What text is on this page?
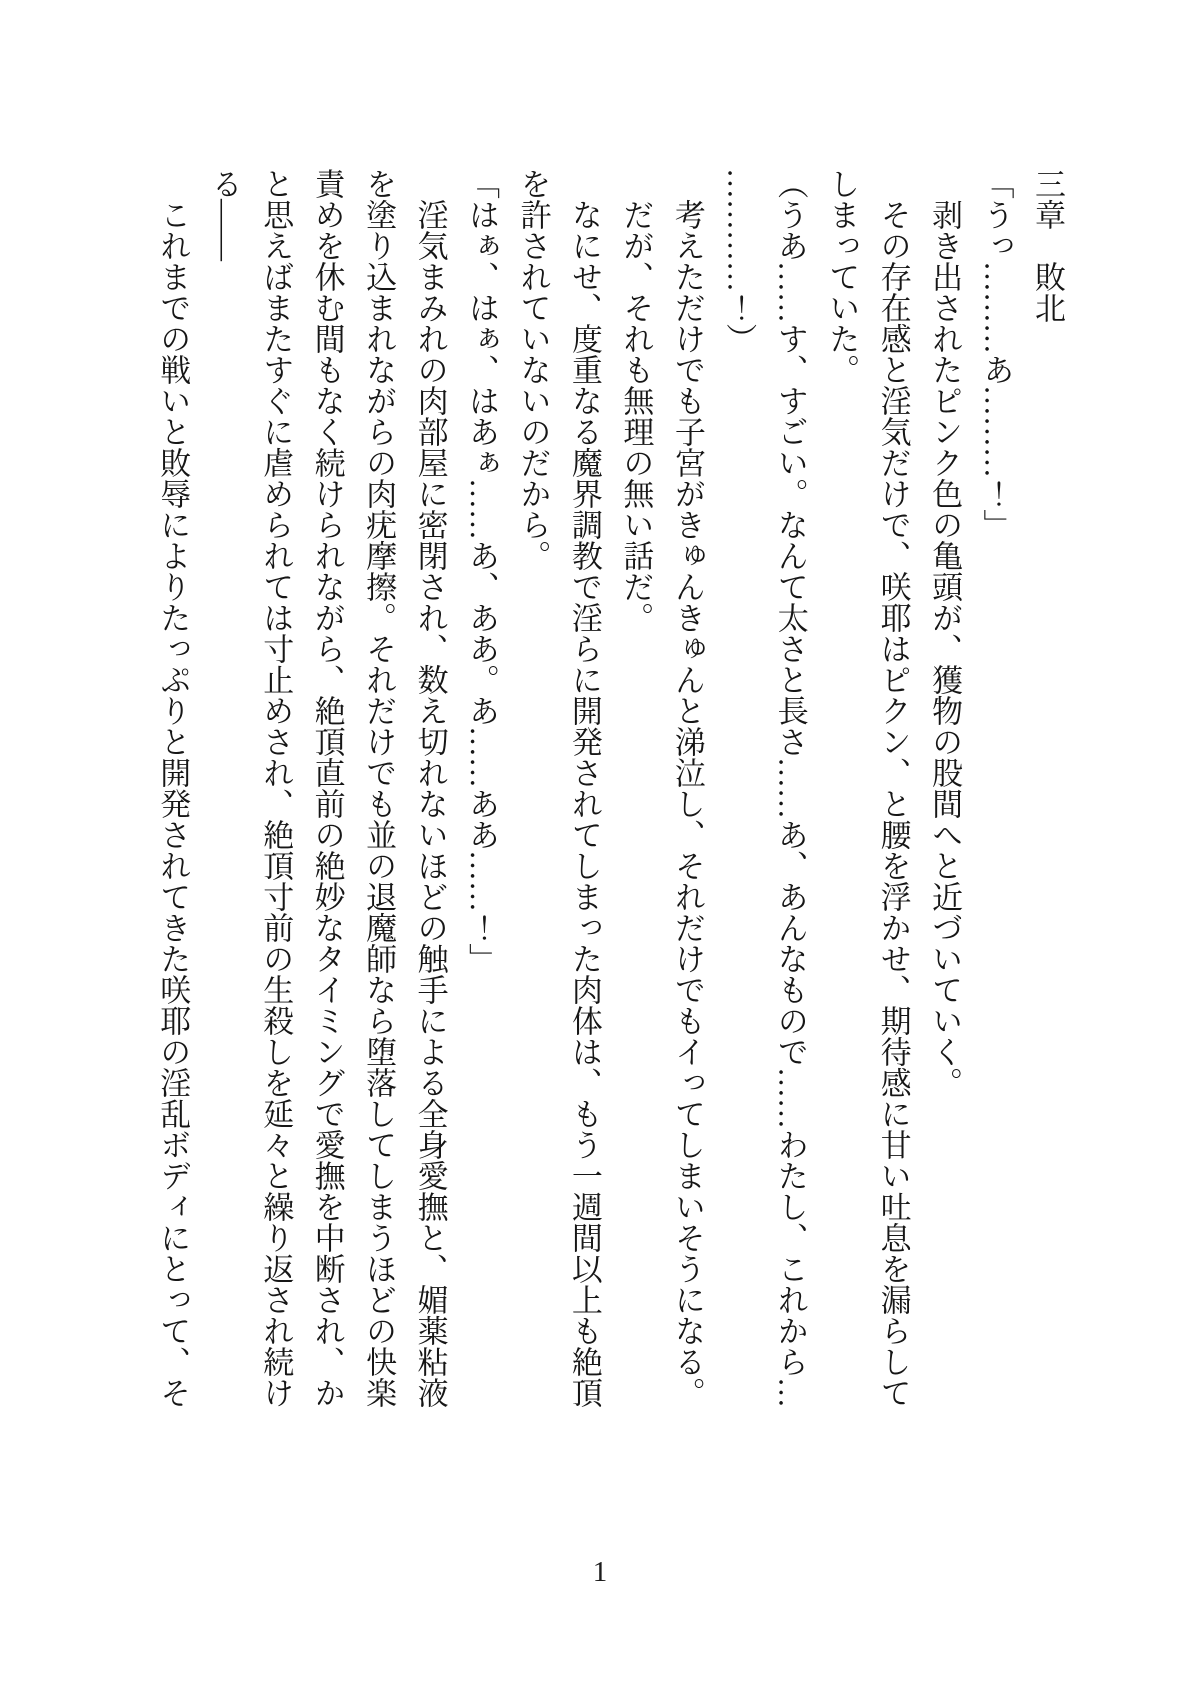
三章　敗北

「うっ………あ………！」

剥き出されたピンク色の亀頭が、獲物の股間へと近づいていく。

その存在感と淫気だけで、咲耶はピクン、と腰を浮かせ、期待感に甘い吐息を漏らしてしまっていた。

（うあ……す、すごい。なんて太さと長さ……あ、あんなもので……わたし、これから……………！）

考えただけでも子宮がきゅんきゅんと涕泣し、それだけでもイってしまいそうになる。

だが、それも無理の無い話だ。

なにせ、度重なる魔界調教で淫らに開発されてしまった肉体は、もう一週間以上も絶頂を許されていないのだから。

「はぁ、はぁ、はあぁ……あ、ああ。あ……ああ……！」

淫気まみれの肉部屋に密閉され、数え切れないほどの触手による全身愛撫と、媚薬粘液を塗り込まれながらの肉疣摩擦。それだけでも並の退魔師なら堕落してしまうほどの快楽責めを休む間もなく続けられながら、絶頂直前の絶妙なタイミングで愛撫を中断され、かと思えばまたすぐに虐められては寸止めされ、絶頂寸前の生殺しを延々と繰り返され続ける――

これまでの戦いと敗辱によりたっぷりと開発されてきた咲耶の淫乱ボディにとって、そ

1
